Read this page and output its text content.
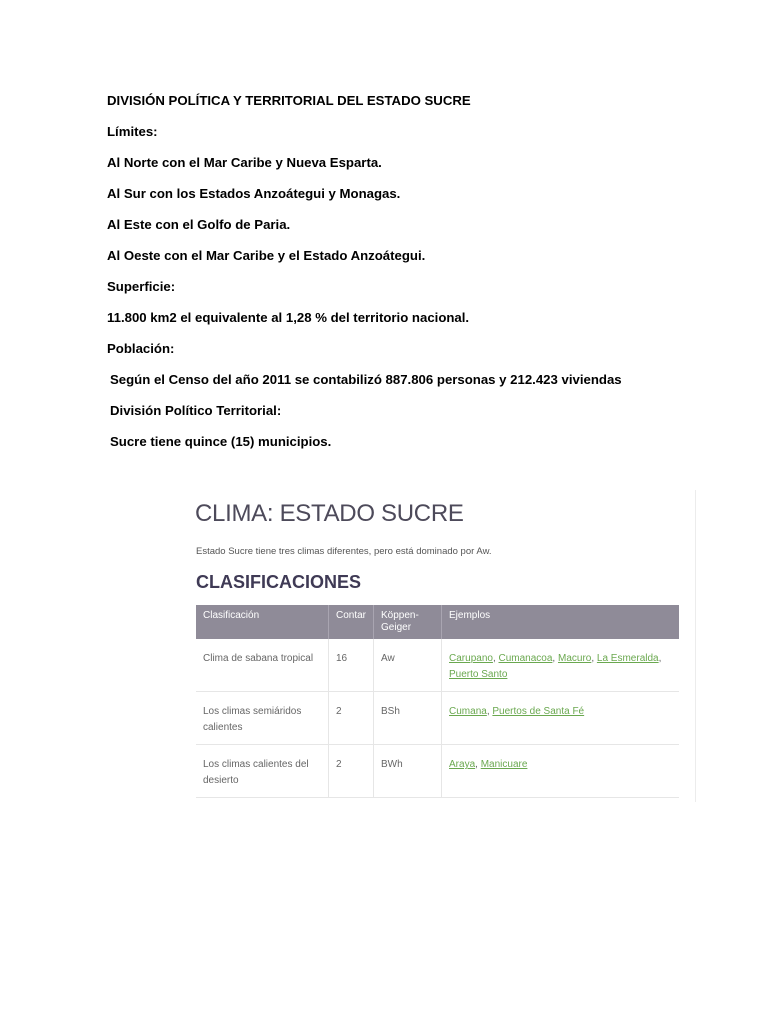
DIVISIÓN POLÍTICA Y TERRITORIAL DEL ESTADO SUCRE
Límites:
Al Norte con el Mar Caribe y Nueva Esparta.
Al Sur con los Estados Anzoátegui y Monagas.
Al Este con el Golfo de Paria.
Al Oeste con el Mar Caribe y el Estado Anzoátegui.
Superficie:
11.800 km2 el equivalente al 1,28 % del territorio nacional.
Población:
Según el Censo del año 2011 se contabilizó 887.806 personas y 212.423 viviendas
División Político Territorial:
Sucre tiene quince (15) municipios.
CLIMA: ESTADO SUCRE
Estado Sucre tiene tres climas diferentes, pero está dominado por Aw.
CLASIFICACIONES
Clasificación	Contar	Köppen-Geiger	Ejemplos
Clima de sabana tropical	16	Aw	Carupano, Cumanacoa, Macuro, La Esmeralda, Puerto Santo
Los climas semiáridos calientes	2	BSh	Cumana, Puertos de Santa Fé
Los climas calientes del desierto	2	BWh	Araya, Manicuare
